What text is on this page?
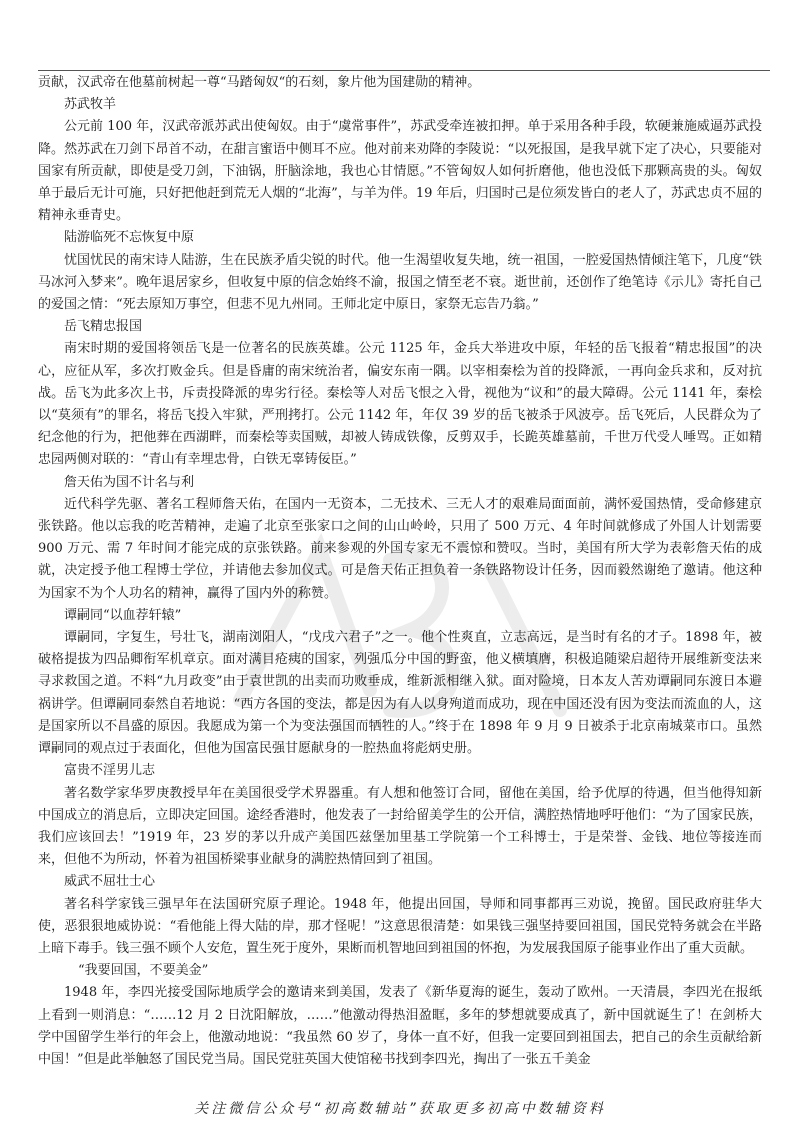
贡献，汉武帝在他墓前树起一尊“马踏匈奴“的石刻，象片他为国建勋的精神。

苏武牧羊

公元前 100 年，汉武帝派苏武出使匈奴。由于“虞常事件”，苏武受牵连被扣押。单于采用各种手段，软硬兼施威逼苏武投降。然苏武在刀剑下昂首不动，在甜言蜜语中侧耳不应。他对前来劝降的李陵说：“以死报国，是我早就下定了决心，只要能对国家有所贡献，即使是受刀剑，下油锅，肝脑涂地，我也心甘情愿。”不管匈奴人如何折磨他，他也没低下那颗高贵的头。匈奴单于最后无计可施，只好把他赶到荒无人烟的“北海”，与羊为伴。19 年后，归国时己是位须发皆白的老人了，苏武忠贞不屈的精神永垂青史。

陆游临死不忘恢复中原

忧国忧民的南宋诗人陆游，生在民族矛盾尖锐的时代。他一生渴望收复失地，统一祖国，一腔爱国热情倾注笔下，几度“铁马冰河入梦来”。晚年退居家乡，但收复中原的信念始终不渝，报国之情至老不衰。逝世前，还创作了绝笔诗《示儿》寄托自己的爱国之情：“死去原知万事空，但悲不见九州同。王师北定中原日，家祭无忘告乃翁。”

岳飞精忠报国

南宋时期的爱国将领岳飞是一位著名的民族英雄。公元 1125 年，金兵大举进攻中原，年轻的岳飞报着“精忠报国”的决心，应征从军，多次打败金兵。但是昏庸的南宋统治者，偏安东南一隅。以宰相秦桧为首的投降派，一再向金兵求和，反对抗战。岳飞为此多次上书，斥责投降派的卑劣行径。秦桧等人对岳飞恨之入骨，视他为“议和”的最大障碍。公元 1141 年，秦桧以“莫须有”的罪名，将岳飞投入牢狱，严刑拷打。公元 1142 年，年仅 39 岁的岳飞被杀于风波亭。岳飞死后，人民群众为了纪念他的行为，把他葬在西湖畔，而秦桧等卖国贼，却被人铸成铁像，反剪双手，长跪英雄墓前，千世万代受人唾骂。正如精忠园两侧对联的：“青山有幸埋忠骨，白铁无辜铸佞臣。”

詹天佑为国不计名与利

近代科学先驱、著名工程师詹天佑，在国内一无资本，二无技术、三无人才的艰难局面面前，满怀爱国热情，受命修建京张铁路。他以忘我的吃苦精神，走遍了北京至张家口之间的山山岭岭，只用了 500 万元、4 年时间就修成了外国人计划需要 900 万元、需 7 年时间才能完成的京张铁路。前来参观的外国专家无不震惊和赞叹。当时，美国有所大学为表彰詹天佑的成就，决定授予他工程博士学位，并请他去参加仪式。可是詹天佑正担负着一条铁路物设计任务，因而毅然谢绝了邀请。他这种为国家不为个人功名的精神，赢得了国内外的称赞。

谭嗣同“以血荐轩辕”

谭嗣同，字复生，号壮飞，湖南浏阳人，“戊戌六君子”之一。他个性爽直，立志高远，是当时有名的才子。1898 年，被破格提拔为四品卿衔军机章京。面对满目疮痍的国家，列强瓜分中国的野蛮，他义横填膺，积极追随梁启超待开展维新变法来寻求救国之道。不料“九月政变”由于袁世凯的出卖而功败垂成，维新派相继入狱。面对险境，日本友人苦劝谭嗣同东渡日本避祸讲学。但谭嗣同泰然自若地说：“西方各国的变法，都是因为有人以身殉道而成功，现在中国还没有因为变法而流血的人，这是国家所以不昌盛的原因。我愿成为第一个为变法强国而牺牲的人。”终于在 1898 年 9 月 9 日被杀于北京南城菜市口。虽然谭嗣同的观点过于表面化，但他为国富民强甘愿献身的一腔热血将彪炳史册。

富贵不淫男儿志

著名数学家华罗庚教授早年在美国很受学术界器重。有人想和他签订合同，留他在美国，给予优厚的待遇，但当他得知新中国成立的消息后，立即决定回国。途经香港时，他发表了一封给留美学生的公开信，满腔热情地呼吁他们：“为了国家民族，我们应该回去！”1919 年，23 岁的茅以升成产美国匹兹堡加里基工学院第一个工科博士，于是荣誉、金钱、地位等接连而来，但他不为所动，怀着为祖国桥梁事业献身的满腔热情回到了祖国。

威武不屈壮士心

著名科学家钱三强早年在法国研究原子理论。1948 年，他提出回国，导师和同事都再三劝说，挽留。国民政府驻华大使，恶狠狠地威协说：“看他能上得大陆的岸，那才怪呢！”这意思很清楚：如果钱三强坚持要回祖国，国民党特务就会在半路上暗下毒手。钱三强不顾个人安危，置生死于度外，果断而机智地回到祖国的怀抱，为发展我国原子能事业作出了重大贡献。

“我要回国，不要美金”

1948 年，李四光接受国际地质学会的邀请来到美国，发表了《新华夏海的诞生，轰动了欧州。一天清晨，李四光在报纸上看到一则消息：“……12 月 2 日沈阳解放，……”他激动得热泪盈眶，多年的梦想就要成真了，新中国就诞生了！在剑桥大学中国留学生举行的年会上，他激动地说：“我虽然 60 岁了，身体一直不好，但我一定要回到祖国去，把自己的余生贡献给新中国！”但是此举触怒了国民党当局。国民党驻英国大使馆秘书找到李四光，掏出了一张五千美金

关注微信公众号“初高数辅站”获取更多初高中数辅资料
